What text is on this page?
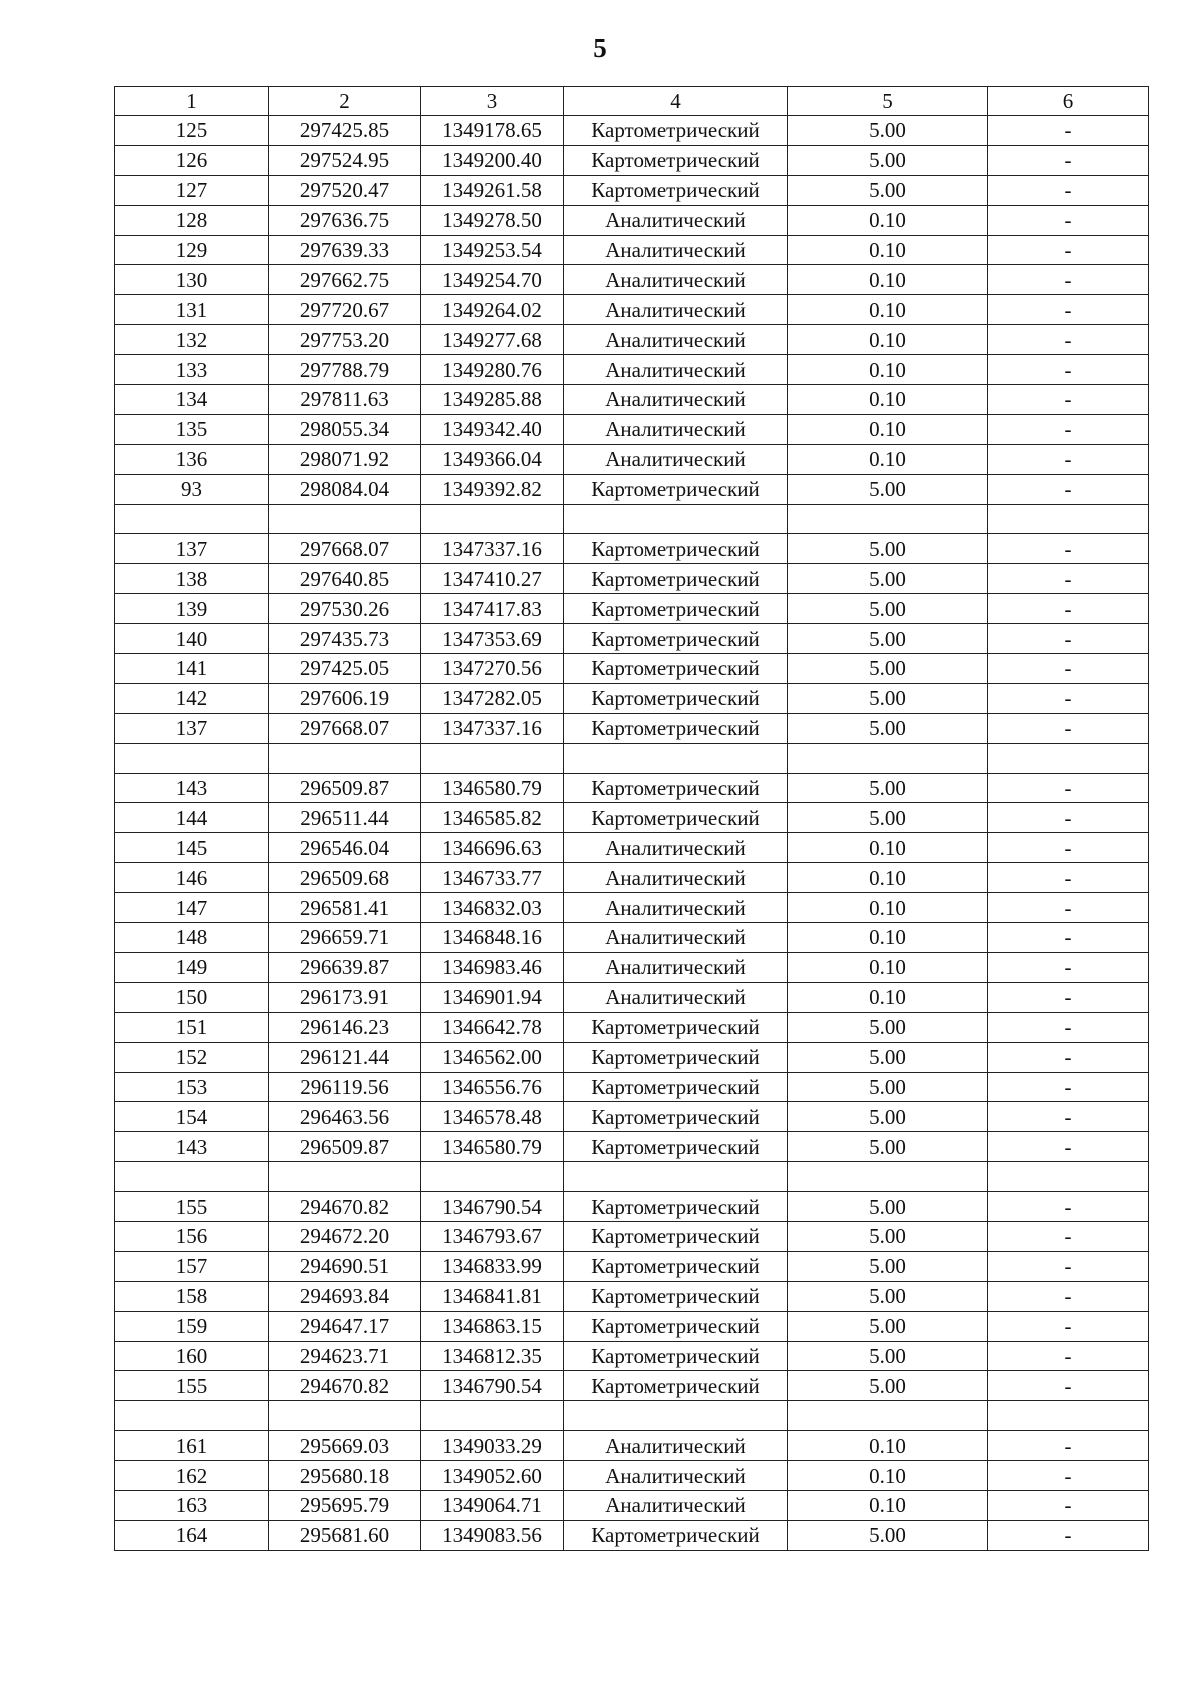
5
1	2	3	4	5	6
125	297425.85	1349178.65	Картометрический	5.00	-
126	297524.95	1349200.40	Картометрический	5.00	-
127	297520.47	1349261.58	Картометрический	5.00	-
128	297636.75	1349278.50	Аналитический	0.10	-
129	297639.33	1349253.54	Аналитический	0.10	-
130	297662.75	1349254.70	Аналитический	0.10	-
131	297720.67	1349264.02	Аналитический	0.10	-
132	297753.20	1349277.68	Аналитический	0.10	-
133	297788.79	1349280.76	Аналитический	0.10	-
134	297811.63	1349285.88	Аналитический	0.10	-
135	298055.34	1349342.40	Аналитический	0.10	-
136	298071.92	1349366.04	Аналитический	0.10	-
93	298084.04	1349392.82	Картометрический	5.00	-

137	297668.07	1347337.16	Картометрический	5.00	-
138	297640.85	1347410.27	Картометрический	5.00	-
139	297530.26	1347417.83	Картометрический	5.00	-
140	297435.73	1347353.69	Картометрический	5.00	-
141	297425.05	1347270.56	Картометрический	5.00	-
142	297606.19	1347282.05	Картометрический	5.00	-
137	297668.07	1347337.16	Картометрический	5.00	-

143	296509.87	1346580.79	Картометрический	5.00	-
144	296511.44	1346585.82	Картометрический	5.00	-
145	296546.04	1346696.63	Аналитический	0.10	-
146	296509.68	1346733.77	Аналитический	0.10	-
147	296581.41	1346832.03	Аналитический	0.10	-
148	296659.71	1346848.16	Аналитический	0.10	-
149	296639.87	1346983.46	Аналитический	0.10	-
150	296173.91	1346901.94	Аналитический	0.10	-
151	296146.23	1346642.78	Картометрический	5.00	-
152	296121.44	1346562.00	Картометрический	5.00	-
153	296119.56	1346556.76	Картометрический	5.00	-
154	296463.56	1346578.48	Картометрический	5.00	-
143	296509.87	1346580.79	Картометрический	5.00	-

155	294670.82	1346790.54	Картометрический	5.00	-
156	294672.20	1346793.67	Картометрический	5.00	-
157	294690.51	1346833.99	Картометрический	5.00	-
158	294693.84	1346841.81	Картометрический	5.00	-
159	294647.17	1346863.15	Картометрический	5.00	-
160	294623.71	1346812.35	Картометрический	5.00	-
155	294670.82	1346790.54	Картометрический	5.00	-

161	295669.03	1349033.29	Аналитический	0.10	-
162	295680.18	1349052.60	Аналитический	0.10	-
163	295695.79	1349064.71	Аналитический	0.10	-
164	295681.60	1349083.56	Картометрический	5.00	-
